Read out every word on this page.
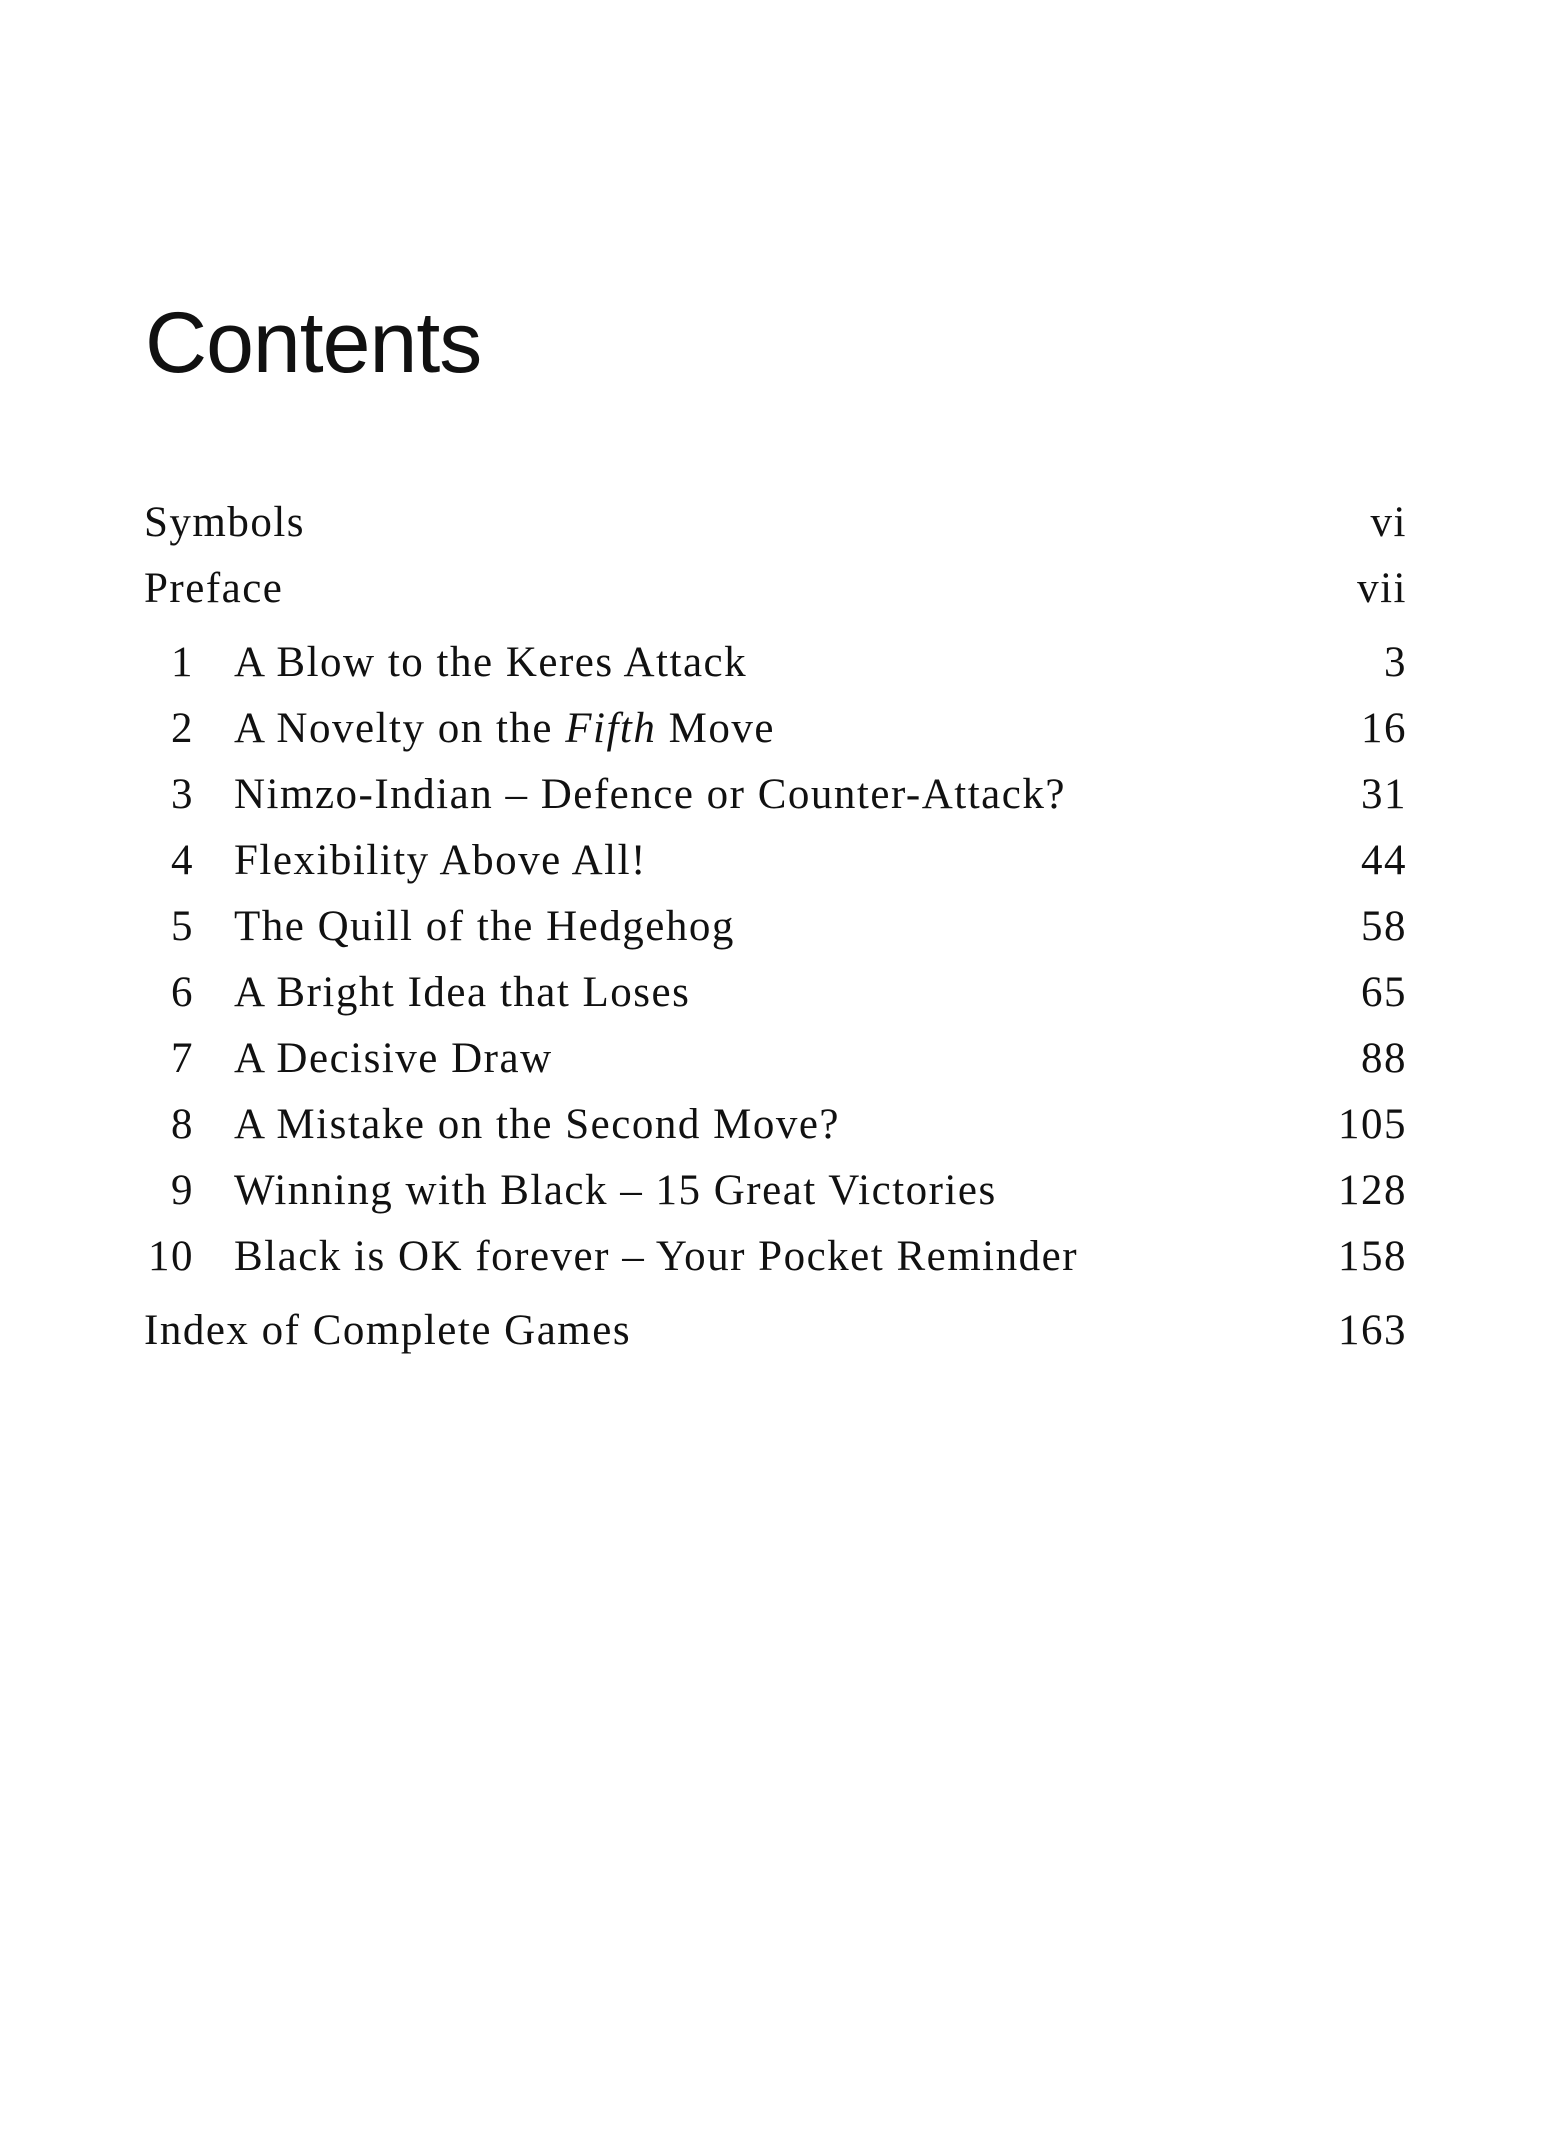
Contents
Symbols	vi
Preface	vii
1 A Blow to the Keres Attack	3
2 A Novelty on the Fifth Move	16
3 Nimzo-Indian – Defence or Counter-Attack?	31
4 Flexibility Above All!	44
5 The Quill of the Hedgehog	58
6 A Bright Idea that Loses	65
7 A Decisive Draw	88
8 A Mistake on the Second Move?	105
9 Winning with Black – 15 Great Victories	128
10 Black is OK forever – Your Pocket Reminder	158
Index of Complete Games	163
